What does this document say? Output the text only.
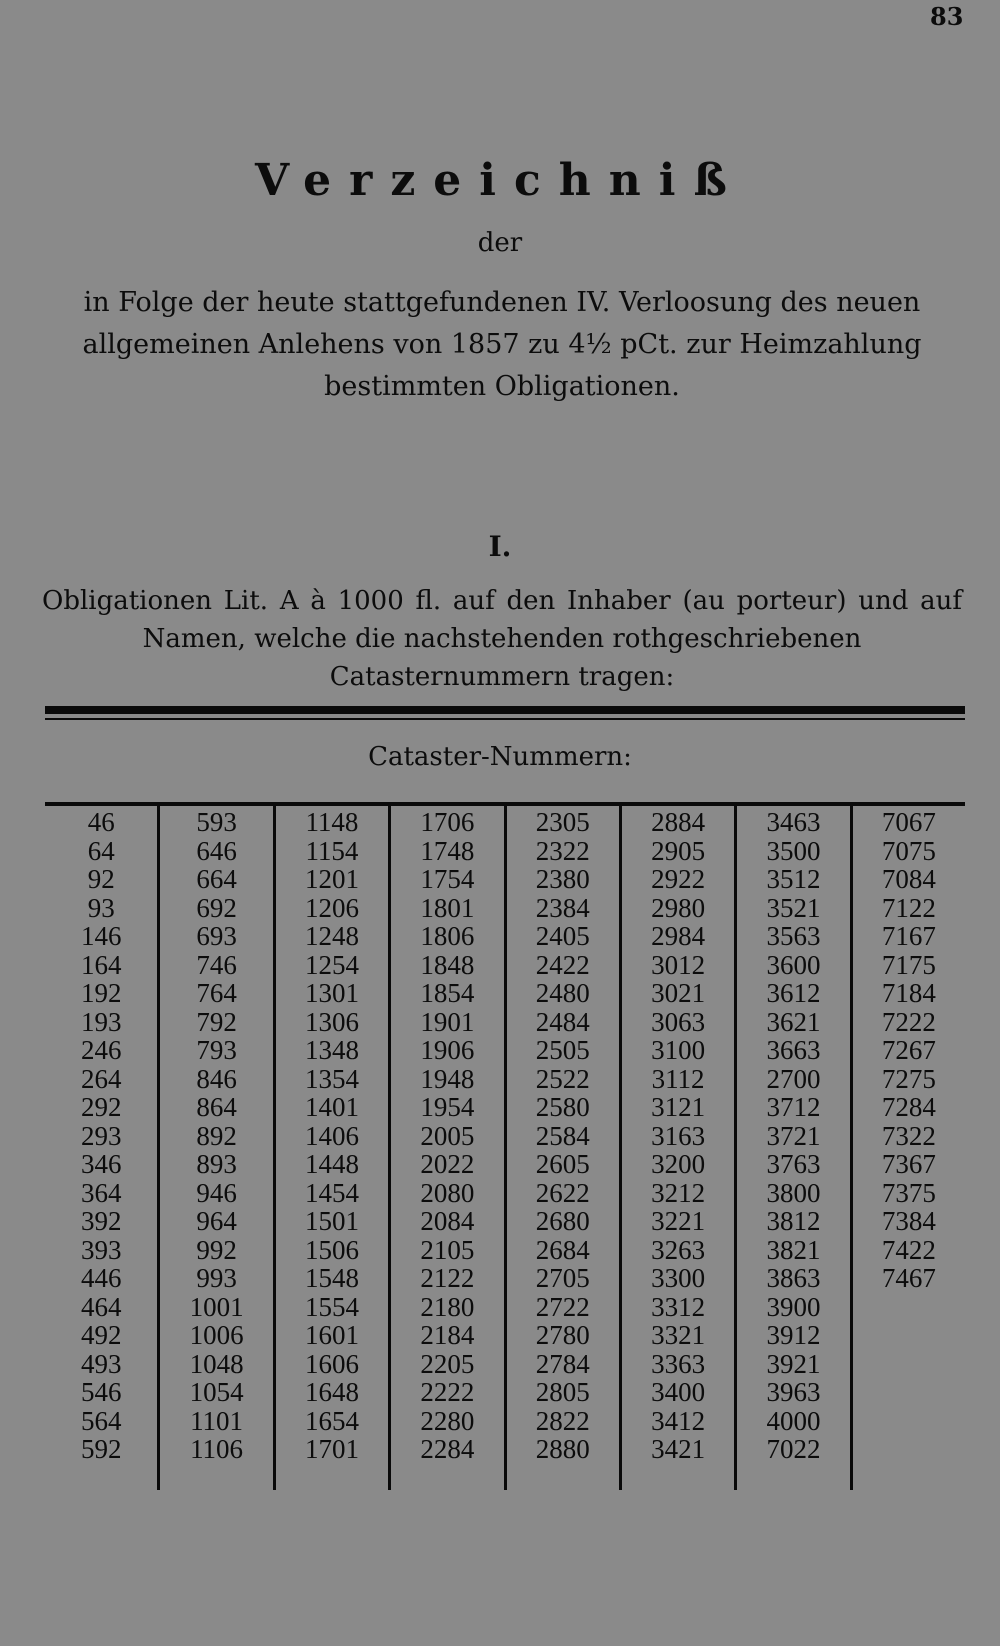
83
Verzeichniß
der
in Folge der heute stattgefundenen IV. Verloosung des neuen allgemeinen Anlehens von 1857 zu 4½ pCt. zur Heimzahlung bestimmten Obligationen.
I.
Obligationen Lit. A à 1000 fl. auf den Inhaber (au porteur) und auf
Namen, welche die nachstehenden rothgeschriebenen Catasternummern tragen:
Cataster-Nummern:
46
64
92
93
146
164
192
193
246
264
292
293
346
364
392
393
446
464
492
493
546
564
592
593
646
664
692
693
746
764
792
793
846
864
892
893
946
964
992
993
1001
1006
1048
1054
1101
1106
1148
1154
1201
1206
1248
1254
1301
1306
1348
1354
1401
1406
1448
1454
1501
1506
1548
1554
1601
1606
1648
1654
1701
1706
1748
1754
1801
1806
1848
1854
1901
1906
1948
1954
2005
2022
2080
2084
2105
2122
2180
2184
2205
2222
2280
2284
2305
2322
2380
2384
2405
2422
2480
2484
2505
2522
2580
2584
2605
2622
2680
2684
2705
2722
2780
2784
2805
2822
2880
2884
2905
2922
2980
2984
3012
3021
3063
3100
3112
3121
3163
3200
3212
3221
3263
3300
3312
3321
3363
3400
3412
3421
3463
3500
3512
3521
3563
3600
3612
3621
3663
2700
3712
3721
3763
3800
3812
3821
3863
3900
3912
3921
3963
4000
7022
7067
7075
7084
7122
7167
7175
7184
7222
7267
7275
7284
7322
7367
7375
7384
7422
7467
